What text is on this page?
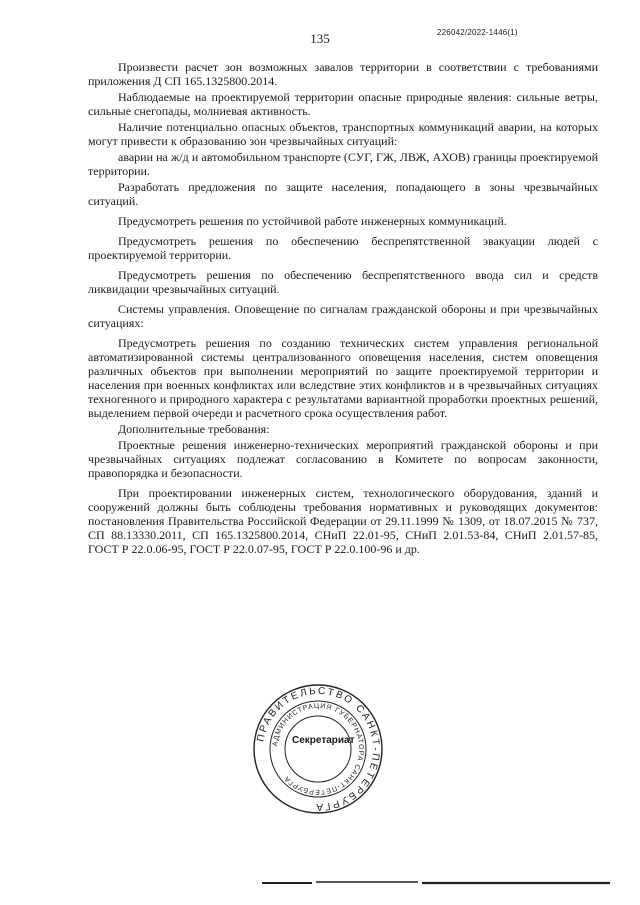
135	226042/2022-1446(1)

Произвести расчет зон возможных завалов территории в соответствии с требованиями приложения Д СП 165.1325800.2014.

Наблюдаемые на проектируемой территории опасные природные явления: сильные ветры, сильные снегопады, молниевая активность.

Наличие потенциально опасных объектов, транспортных коммуникаций аварии, на которых могут привести к образованию зон чрезвычайных ситуаций:

аварии на ж/д и автомобильном транспорте (СУГ, ГЖ, ЛВЖ, АХОВ) границы проектируемой территории.

Разработать предложения по защите населения, попадающего в зоны чрезвычайных ситуаций.

Предусмотреть решения по устойчивой работе инженерных коммуникаций.

Предусмотреть решения по обеспечению беспрепятственной эвакуации людей с проектируемой территории.

Предусмотреть решения по обеспечению беспрепятственного ввода сил и средств ликвидации чрезвычайных ситуаций.

Системы управления. Оповещение по сигналам гражданской обороны и при чрезвычайных ситуациях:

Предусмотреть решения по созданию технических систем управления региональной автоматизированной системы централизованного оповещения населения, систем оповещения различных объектов при выполнении мероприятий по защите проектируемой территории и населения при военных конфликтах или вследствие этих конфликтов и в чрезвычайных ситуациях техногенного и природного характера с результатами вариантной проработки проектных решений, выделением первой очереди и расчетного срока осуществления работ.

Дополнительные требования:

Проектные решения инженерно-технических мероприятий гражданской обороны и при чрезвычайных ситуациях подлежат согласованию в Комитете по вопросам законности, правопорядка и безопасности.

При проектировании инженерных систем, технологического оборудования, зданий и сооружений должны быть соблюдены требования нормативных и руководящих документов: постановления Правительства Российской Федерации от 29.11.1999 № 1309, от 18.07.2015 № 737, СП 88.13330.2011, СП 165.1325800.2014, СНиП 22.01-95, СНиП 2.01.53-84, СНиП 2.01.57-85, ГОСТ Р 22.0.06-95, ГОСТ Р 22.0.07-95, ГОСТ Р 22.0.100-96 и др.

ПРАВИТЕЛЬСТВО САНКТ-ПЕТЕРБУРГА
АДМИНИСТРАЦИЯ ГУБЕРНАТОРА САНКТ-ПЕТЕРБУРГА
Секретариат
